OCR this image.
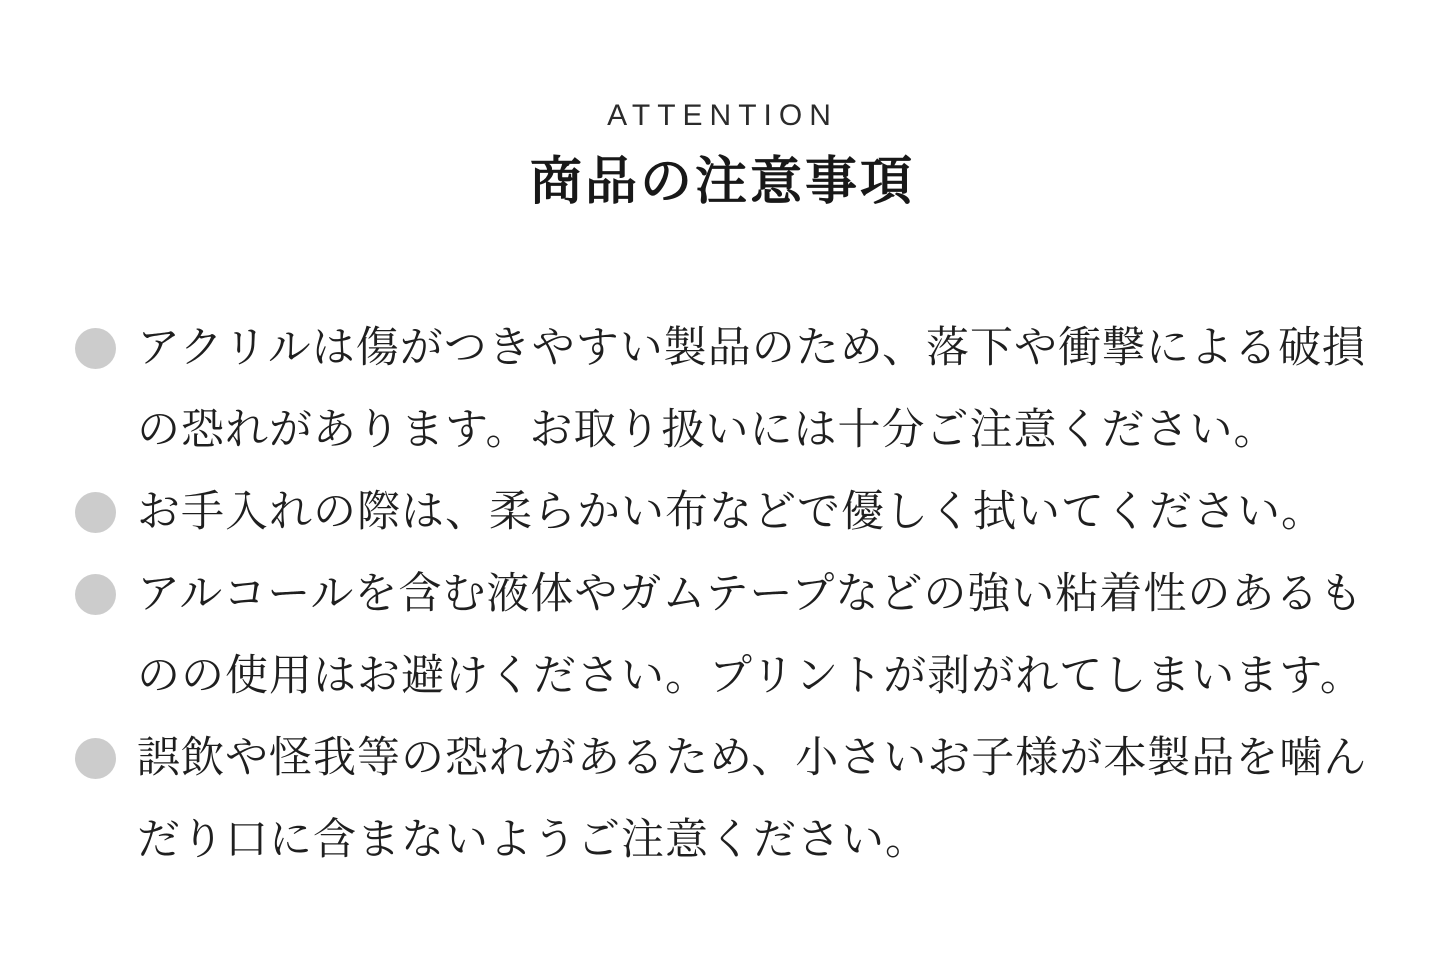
ATTENTION
商品の注意事項
アクリルは傷がつきやすい製品のため、落下や衝撃による破損の恐れがあります。お取り扱いには十分ご注意ください。
お手入れの際は、柔らかい布などで優しく拭いてください。
アルコールを含む液体やガムテープなどの強い粘着性のあるものの使用はお避けください。プリントが剥がれてしまいます。
誤飲や怪我等の恐れがあるため、小さいお子様が本製品を噛んだり口に含まないようご注意ください。
